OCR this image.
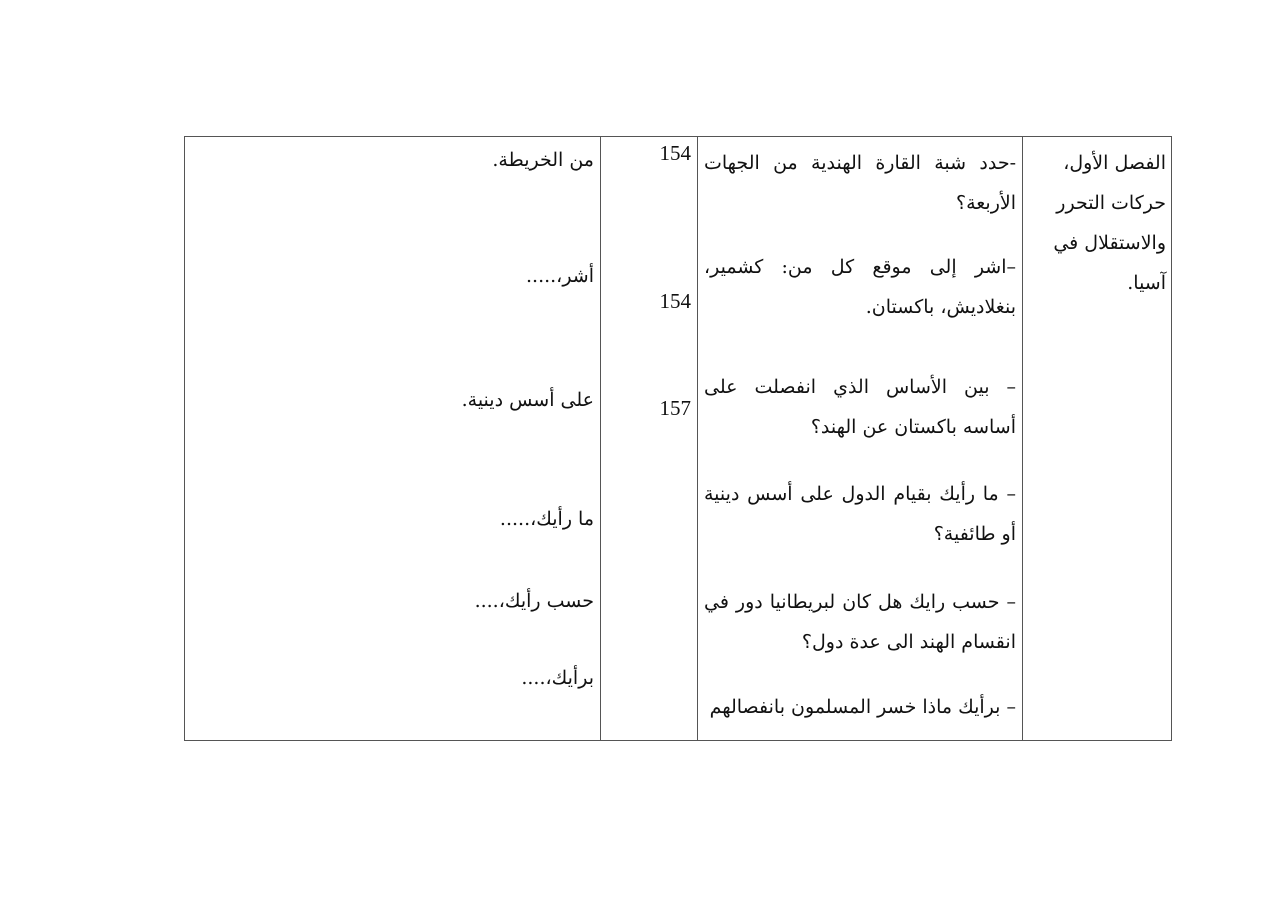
الفصل الأول، حركات التحرر والاستقلال في آسيا.
-حدد شبة القارة الهندية من الجهات الأربعة؟
–اشر إلى موقع كل من: كشمير، بنغلاديش، باكستان.
– بين الأساس الذي انفصلت على أساسه باكستان عن الهند؟
– ما رأيك بقيام الدول على أسس دينية أو طائفية؟
– حسب رايك هل كان لبريطانيا دور في انقسام الهند الى عدة دول؟
– برأيك ماذا خسر المسلمون بانفصالهم
154
154
157
من الخريطة.
أشر،.....
على أسس دينية.
ما رأيك،.....
حسب رأيك،....
برأيك،....
